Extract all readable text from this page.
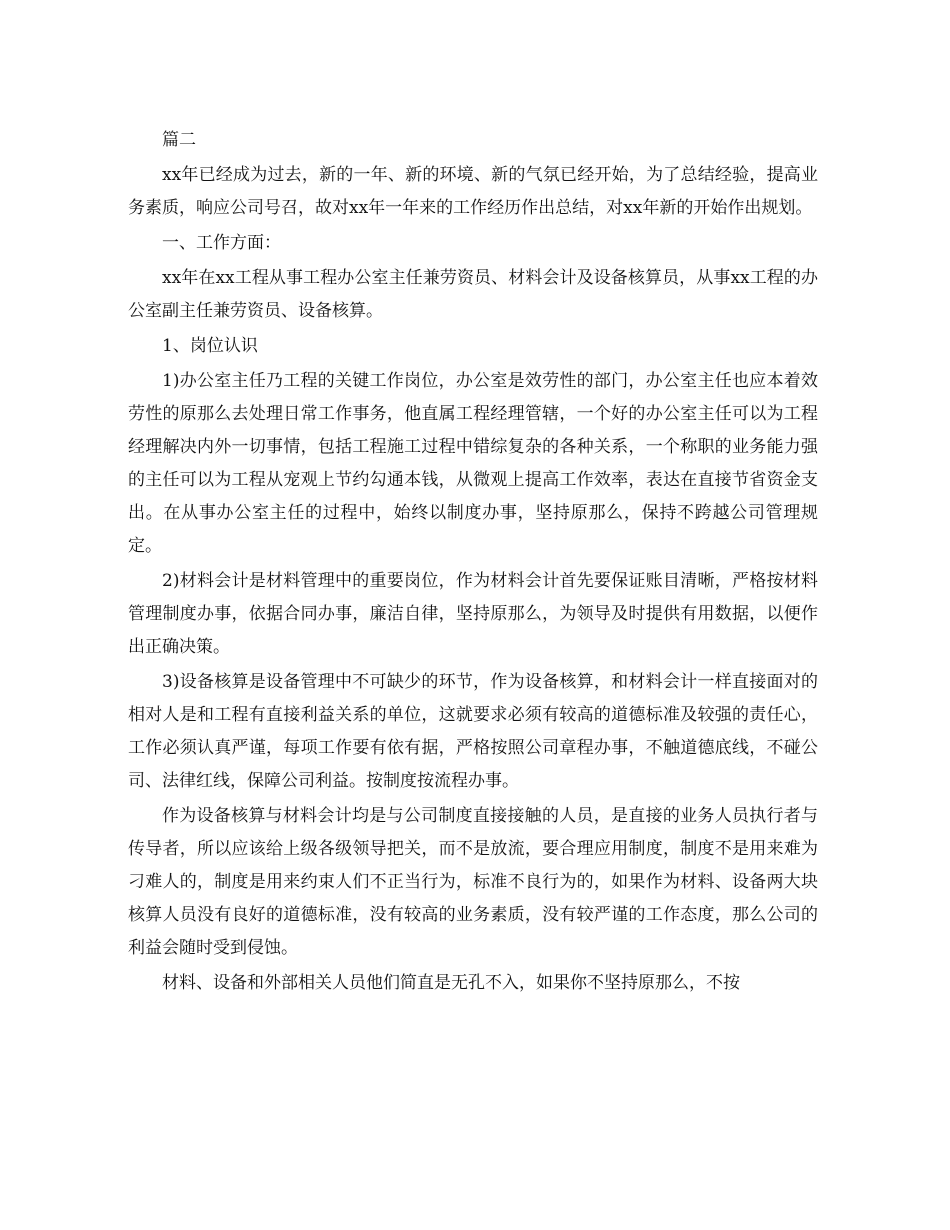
篇二

xx年已经成为过去，新的一年、新的环境、新的气氛已经开始，为了总结经验，提高业务素质，响应公司号召，故对xx年一年来的工作经历作出总结，对xx年新的开始作出规划。

一、工作方面：

xx年在xx工程从事工程办公室主任兼劳资员、材料会计及设备核算员，从事xx工程的办公室副主任兼劳资员、设备核算。

1、岗位认识

1)办公室主任乃工程的关键工作岗位，办公室是效劳性的部门，办公室主任也应本着效劳性的原那么去处理日常工作事务，他直属工程经理管辖，一个好的办公室主任可以为工程经理解决内外一切事情，包括工程施工过程中错综复杂的各种关系，一个称职的业务能力强的主任可以为工程从宠观上节约勾通本钱，从微观上提高工作效率，表达在直接节省资金支出。在从事办公室主任的过程中，始终以制度办事，坚持原那么，保持不跨越公司管理规定。

2)材料会计是材料管理中的重要岗位，作为材料会计首先要保证账目清晰，严格按材料管理制度办事，依据合同办事，廉洁自律，坚持原那么，为领导及时提供有用数据，以便作出正确决策。

3)设备核算是设备管理中不可缺少的环节，作为设备核算，和材料会计一样直接面对的相对人是和工程有直接利益关系的单位，这就要求必须有较高的道德标准及较强的责任心，工作必须认真严谨，每项工作要有依有据，严格按照公司章程办事，不触道德底线，不碰公司、法律红线，保障公司利益。按制度按流程办事。

作为设备核算与材料会计均是与公司制度直接接触的人员，是直接的业务人员执行者与传导者，所以应该给上级各级领导把关，而不是放流，要合理应用制度，制度不是用来难为刁难人的，制度是用来约束人们不正当行为，标准不良行为的，如果作为材料、设备两大块核算人员没有良好的道德标准，没有较高的业务素质，没有较严谨的工作态度，那么公司的利益会随时受到侵蚀。

材料、设备和外部相关人员他们简直是无孔不入，如果你不坚持原那么，不按
